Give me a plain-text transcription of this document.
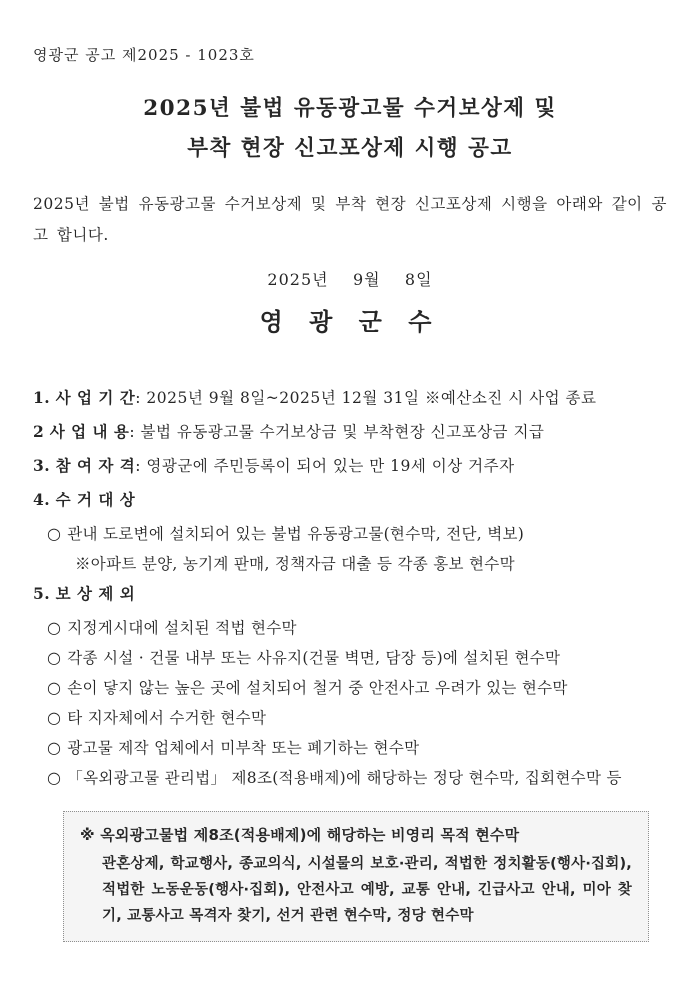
영광군 공고 제2025 - 1023호
2025년 불법 유동광고물 수거보상제 및
부착 현장 신고포상제 시행 공고
2025년 불법 유동광고물 수거보상제 및 부착 현장 신고포상제 시행을 아래와 같이 공고 합니다.
2025년    9월    8일
영 광 군 수
1. 사 업 기 간: 2025년 9월 8일~2025년 12월 31일 ※예산소진 시 사업 종료
2 사 업 내 용: 불법 유동광고물 수거보상금 및 부착현장 신고포상금 지급
3. 참 여 자 격: 영광군에 주민등록이 되어 있는 만 19세 이상 거주자
4. 수 거 대 상
○ 관내 도로변에 설치되어 있는 불법 유동광고물(현수막, 전단, 벽보)
※아파트 분양, 농기계 판매, 정책자금 대출 등 각종 홍보 현수막
5. 보 상 제 외
○ 지정게시대에 설치된 적법 현수막
○ 각종 시설 · 건물 내부 또는 사유지(건물 벽면, 담장 등)에 설치된 현수막
○ 손이 닿지 않는 높은 곳에 설치되어 철거 중 안전사고 우려가 있는 현수막
○ 타 지자체에서 수거한 현수막
○ 광고물 제작 업체에서 미부착 또는 폐기하는 현수막
○ 「옥외광고물 관리법」 제8조(적용배제)에 해당하는 정당 현수막, 집회현수막 등
※ 옥외광고물법 제8조(적용배제)에 해당하는 비영리 목적 현수막
관혼상제, 학교행사, 종교의식, 시설물의 보호·관리, 적법한 정치활동(행사·집회), 적법한 노동운동(행사·집회), 안전사고 예방, 교통 안내, 긴급사고 안내, 미아 찾기, 교통사고 목격자 찾기, 선거 관련 현수막, 정당 현수막
